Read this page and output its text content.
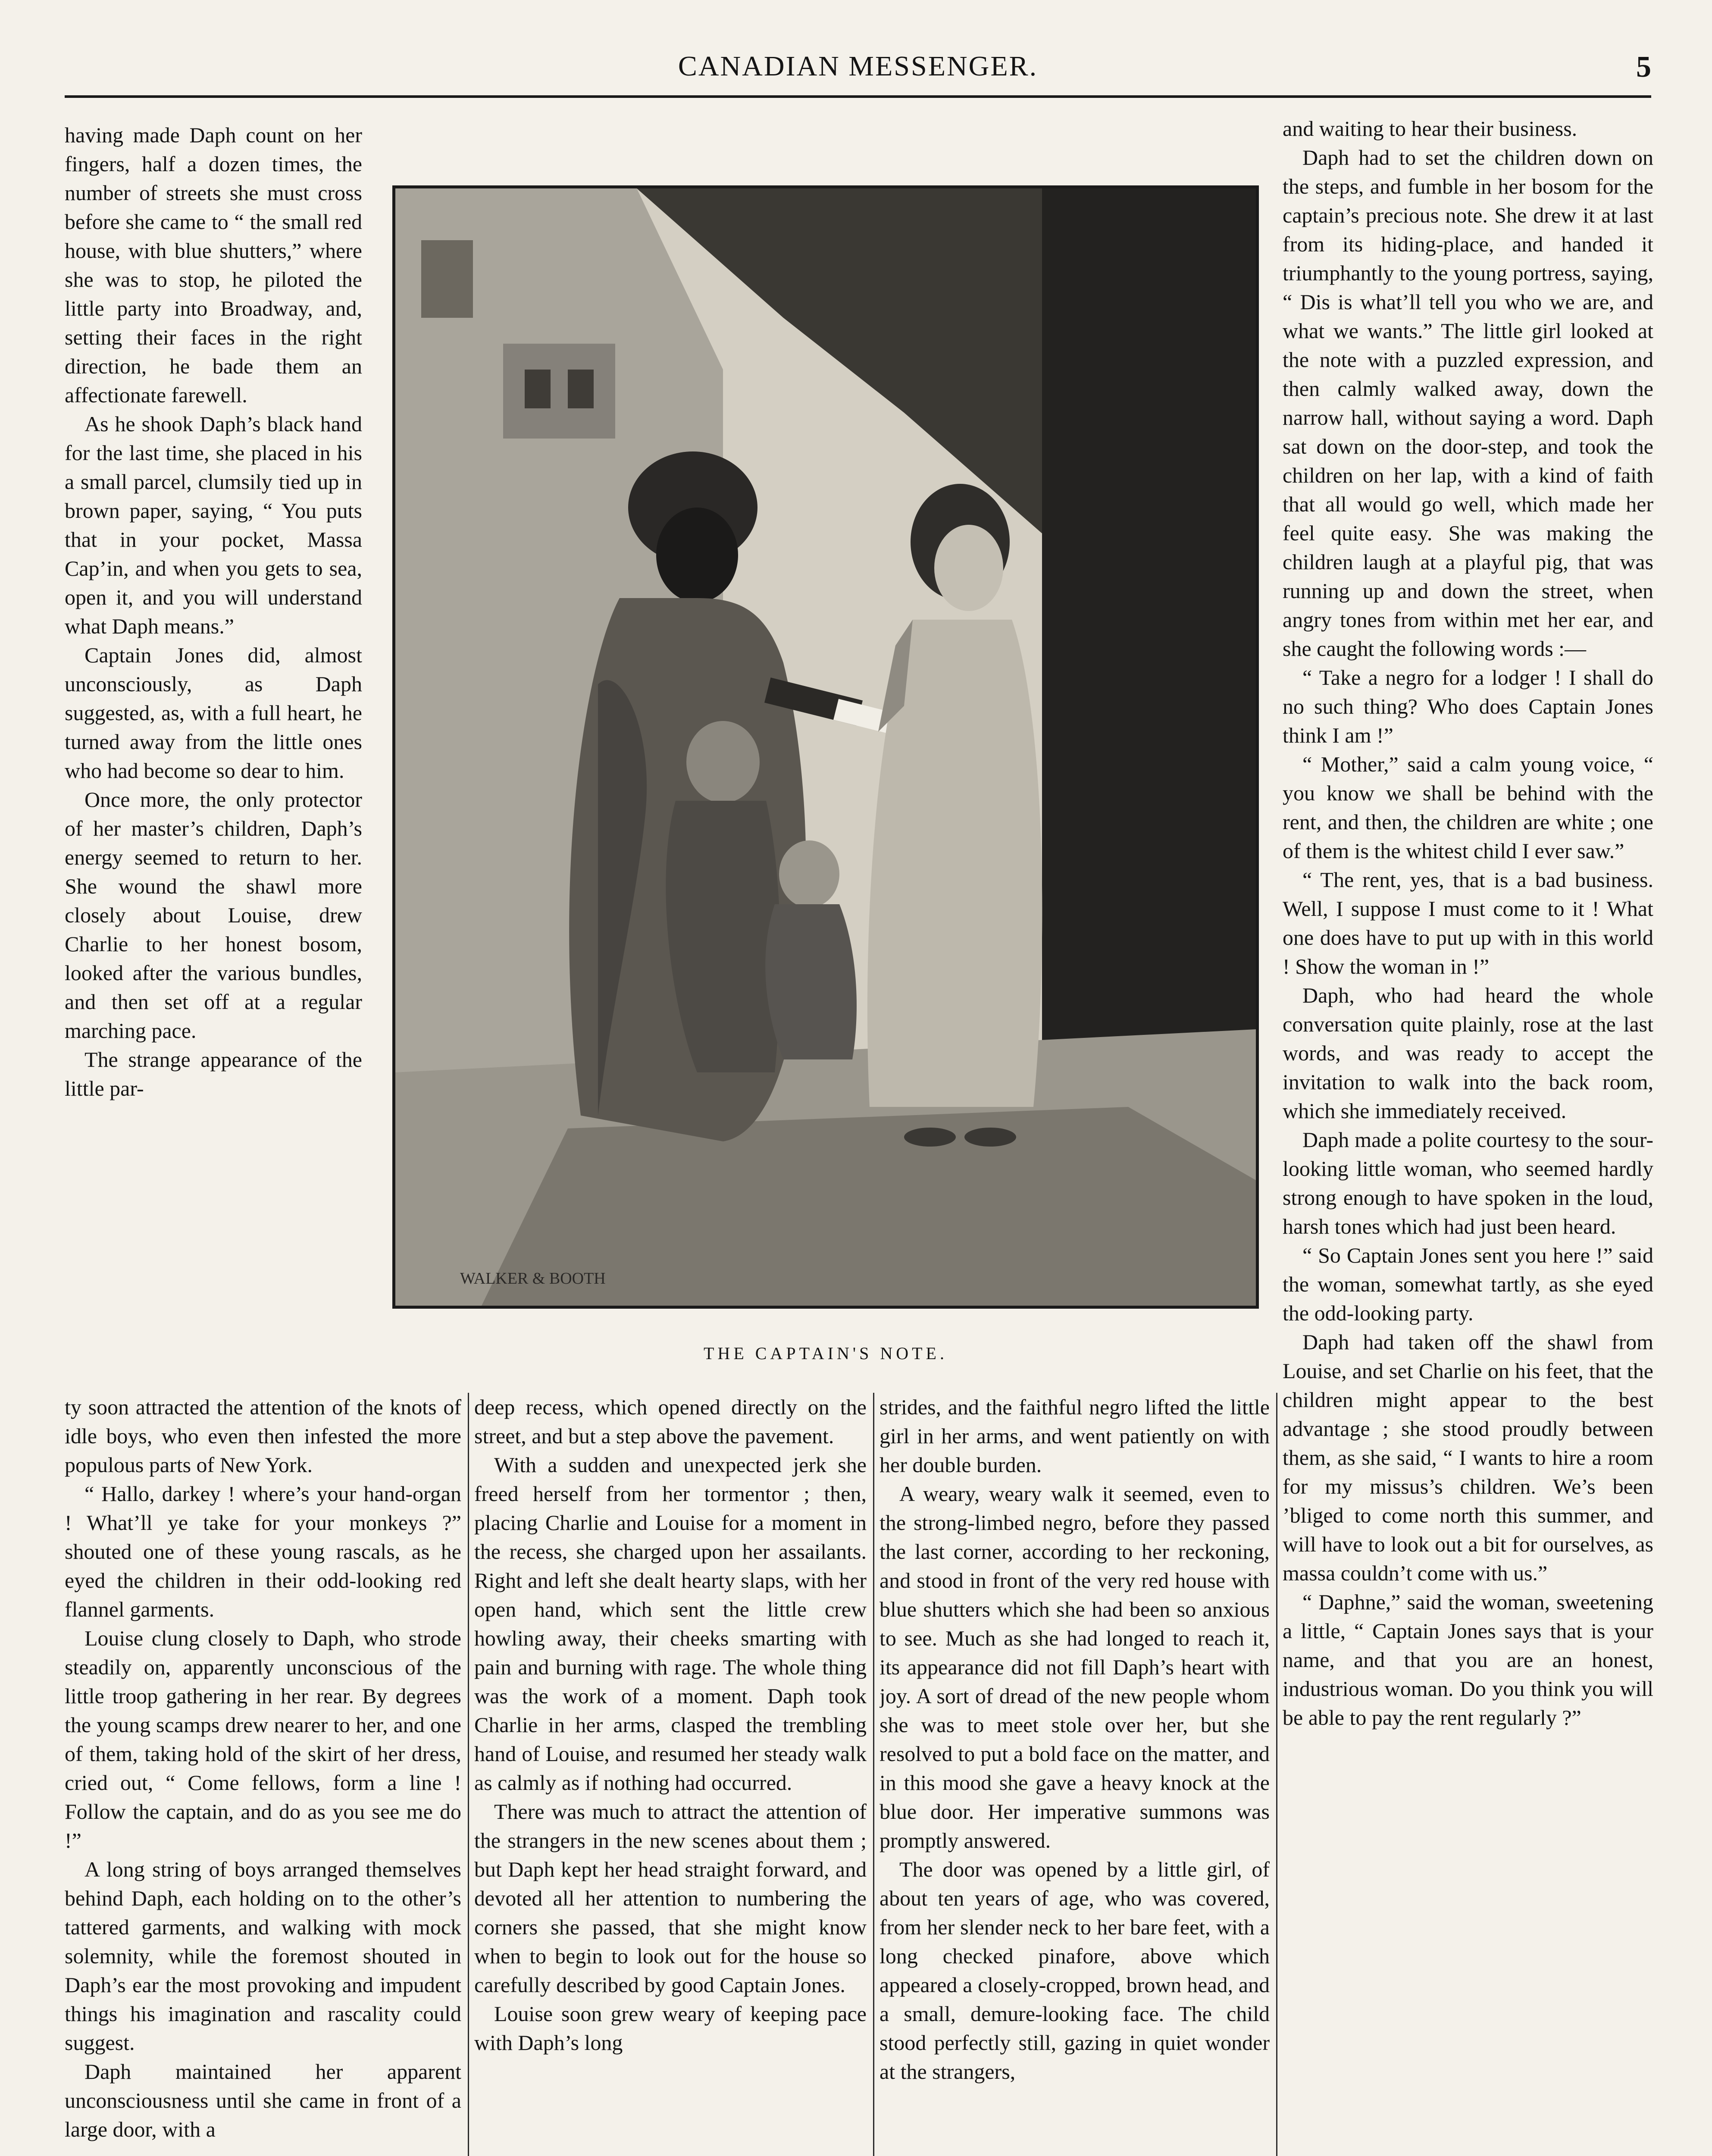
CANADIAN MESSENGER.	5

having made Daph count on her fingers, half a dozen times, the number of streets she must cross before she came to “ the small red house, with blue shutters,” where she was to stop, he piloted the little party into Broadway, and, setting their faces in the right direction, he bade them an affectionate farewell.

As he shook Daph’s black hand for the last time, she placed in his a small parcel, clumsily tied up in brown paper, saying, “ You puts that in your pocket, Massa Cap’in, and when you gets to sea, open it, and you will understand what Daph means.”

Captain Jones did, almost unconsciously, as Daph suggested, as, with a full heart, he turned away from the little ones who had become so dear to him.

Once more, the only protector of her master’s children, Daph’s energy seemed to return to her. She wound the shawl more closely about Louise, drew Charlie to her honest bosom, looked after the various bundles, and then set off at a regular marching pace.

The strange appearance of the little par-

WALKER & BOOTH
THE CAPTAIN'S NOTE.

and waiting to hear their business.

Daph had to set the children down on the steps, and fumble in her bosom for the captain’s precious note. She drew it at last from its hiding-place, and handed it triumphantly to the young portress, saying, “ Dis is what’ll tell you who we are, and what we wants.” The little girl looked at the note with a puzzled expression, and then calmly walked away, down the narrow hall, without saying a word. Daph sat down on the door-step, and took the children on her lap, with a kind of faith that all would go well, which made her feel quite easy. She was making the children laugh at a playful pig, that was running up and down the street, when angry tones from within met her ear, and she caught the following words :—

“ Take a negro for a lodger ! I shall do no such thing? Who does Captain Jones think I am !”

“ Mother,” said a calm young voice, “ you know we shall be behind with the rent, and then, the children are white ; one of them is the whitest child I ever saw.”

“ The rent, yes, that is a bad business. Well, I suppose I must come to it ! What one does have to put up with in this world ! Show the woman in !”

Daph, who had heard the whole conversation quite plainly, rose at the last words, and was ready to accept the invitation to walk into the back room, which she immediately received.

Daph made a polite courtesy to the sour-looking little woman, who seemed hardly strong enough to have spoken in the loud, harsh tones which had just been heard.

“ So Captain Jones sent you here !” said the woman, somewhat tartly, as she eyed the odd-looking party.

Daph had taken off the shawl from Louise, and set Charlie on his feet, that the children might appear to the best advantage ; she stood proudly between them, as she said, “ I wants to hire a room for my missus’s children. We’s been ’bliged to come north this summer, and will have to look out a bit for ourselves, as massa couldn’t come with us.”

“ Daphne,” said the woman, sweetening a little, “ Captain Jones says that is your name, and that you are an honest, industrious woman. Do you think you will be able to pay the rent regularly ?”

ty soon attracted the attention of the knots of idle boys, who even then infested the more populous parts of New York.

“ Hallo, darkey ! where’s your hand-organ ! What’ll ye take for your monkeys ?” shouted one of these young rascals, as he eyed the children in their odd-looking red flannel garments.

Louise clung closely to Daph, who strode steadily on, apparently unconscious of the little troop gathering in her rear. By degrees the young scamps drew nearer to her, and one of them, taking hold of the skirt of her dress, cried out, “ Come fellows, form a line ! Follow the captain, and do as you see me do !”

A long string of boys arranged themselves behind Daph, each holding on to the other’s tattered garments, and walking with mock solemnity, while the foremost shouted in Daph’s ear the most provoking and impudent things his imagination and rascality could suggest.

Daph maintained her apparent unconsciousness until she came in front of a large door, with a

deep recess, which opened directly on the street, and but a step above the pavement.

With a sudden and unexpected jerk she freed herself from her tormentor ; then, placing Charlie and Louise for a moment in the recess, she charged upon her assailants. Right and left she dealt hearty slaps, with her open hand, which sent the little crew howling away, their cheeks smarting with pain and burning with rage. The whole thing was the work of a moment. Daph took Charlie in her arms, clasped the trembling hand of Louise, and resumed her steady walk as calmly as if nothing had occurred.

There was much to attract the attention of the strangers in the new scenes about them ; but Daph kept her head straight forward, and devoted all her attention to numbering the corners she passed, that she might know when to begin to look out for the house so carefully described by good Captain Jones.

Louise soon grew weary of keeping pace with Daph’s long

strides, and the faithful negro lifted the little girl in her arms, and went patiently on with her double burden.

A weary, weary walk it seemed, even to the strong-limbed negro, before they passed the last corner, according to her reckoning, and stood in front of the very red house with blue shutters which she had been so anxious to see. Much as she had longed to reach it, its appearance did not fill Daph’s heart with joy. A sort of dread of the new people whom she was to meet stole over her, but she resolved to put a bold face on the matter, and in this mood she gave a heavy knock at the blue door. Her imperative summons was promptly answered.

The door was opened by a little girl, of about ten years of age, who was covered, from her slender neck to her bare feet, with a long checked pinafore, above which appeared a closely-cropped, brown head, and a small, demure-looking face. The child stood perfectly still, gazing in quiet wonder at the strangers,
